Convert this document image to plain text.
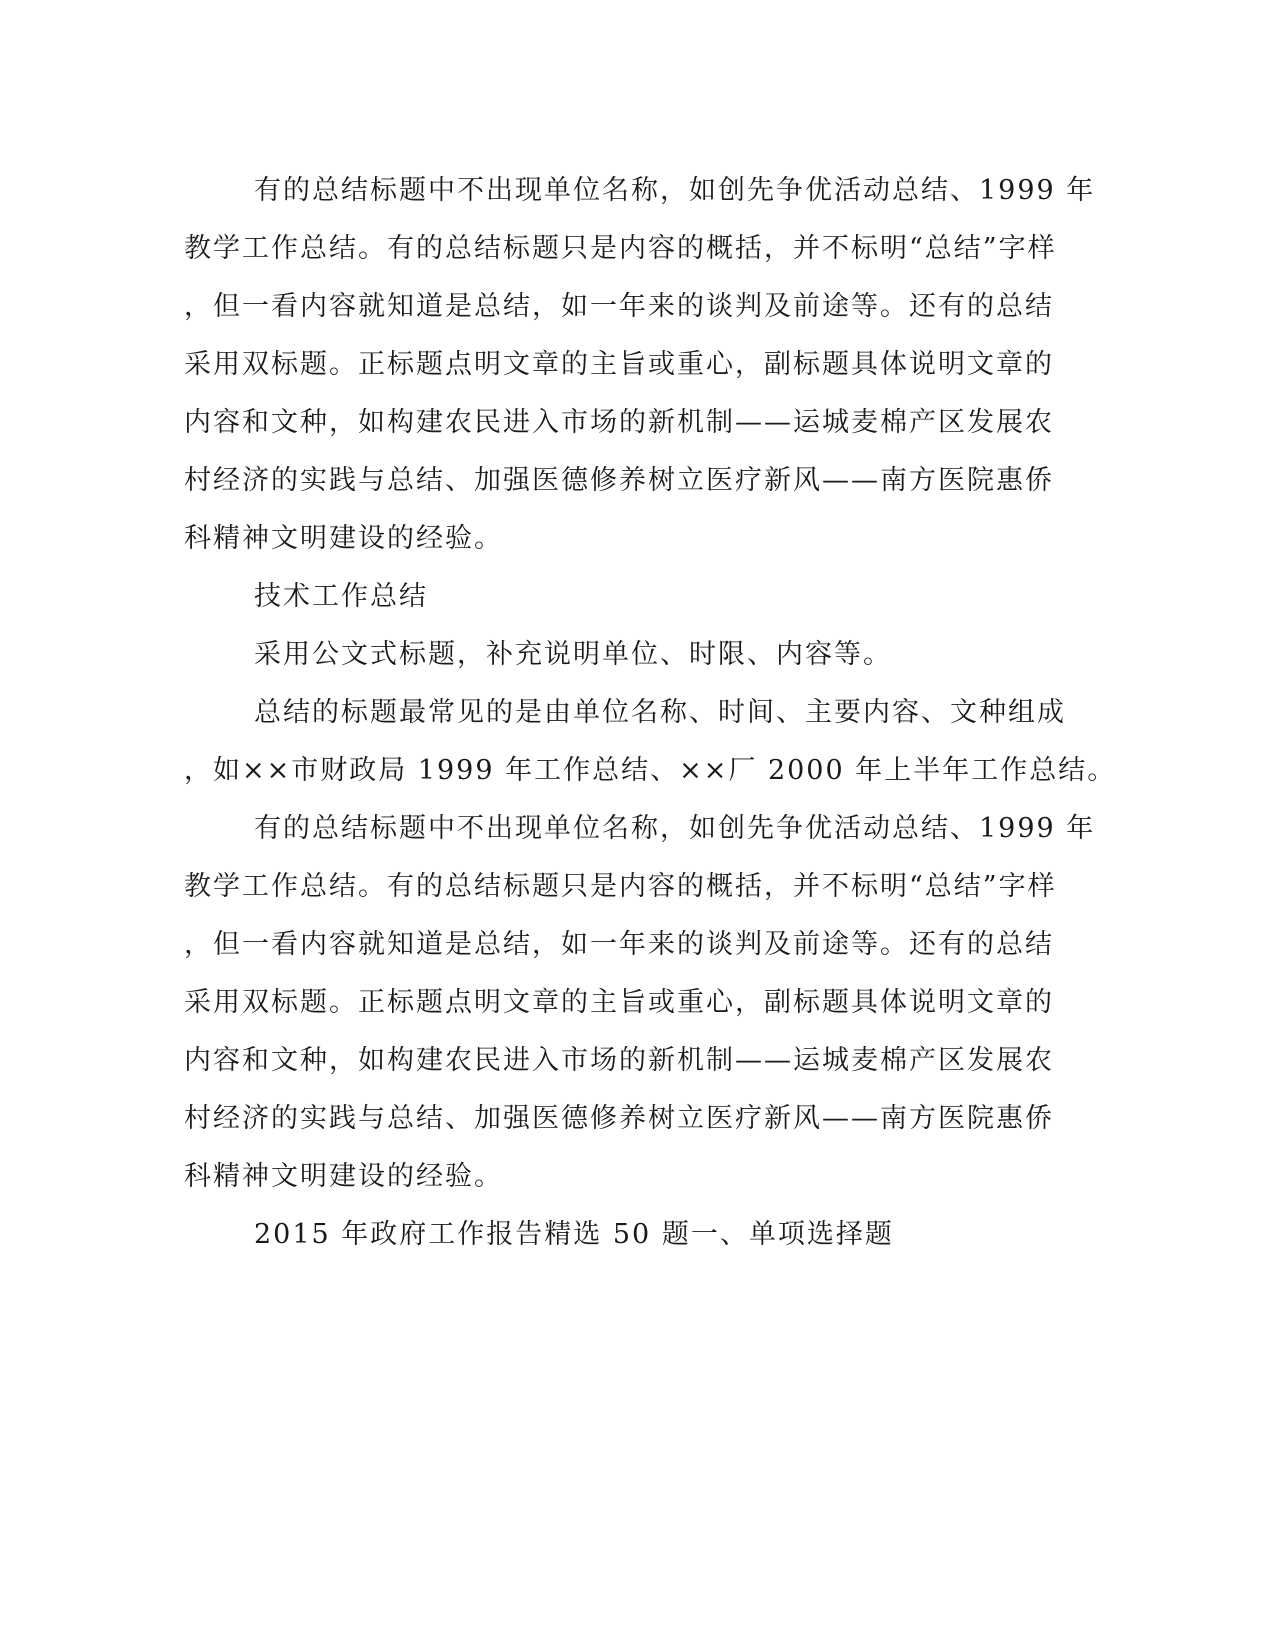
有的总结标题中不出现单位名称，如创先争优活动总结、1999 年
教学工作总结。有的总结标题只是内容的概括，并不标明“总结”字样
，但一看内容就知道是总结，如一年来的谈判及前途等。还有的总结
采用双标题。正标题点明文章的主旨或重心，副标题具体说明文章的
内容和文种，如构建农民进入市场的新机制——运城麦棉产区发展农
村经济的实践与总结、加强医德修养树立医疗新风——南方医院惠侨
科精神文明建设的经验。
技术工作总结
采用公文式标题，补充说明单位、时限、内容等。
总结的标题最常见的是由单位名称、时间、主要内容、文种组成
，如××市财政局 1999 年工作总结、××厂 2000 年上半年工作总结。
有的总结标题中不出现单位名称，如创先争优活动总结、1999 年
教学工作总结。有的总结标题只是内容的概括，并不标明“总结”字样
，但一看内容就知道是总结，如一年来的谈判及前途等。还有的总结
采用双标题。正标题点明文章的主旨或重心，副标题具体说明文章的
内容和文种，如构建农民进入市场的新机制——运城麦棉产区发展农
村经济的实践与总结、加强医德修养树立医疗新风——南方医院惠侨
科精神文明建设的经验。
2015 年政府工作报告精选 50 题一、单项选择题
